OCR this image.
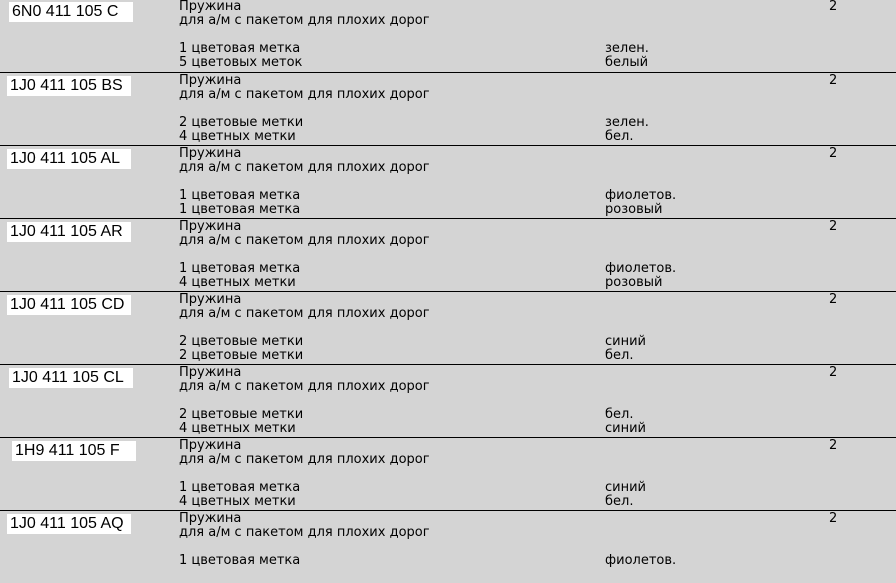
6N0 411 105 C	Пружина
для а/м с пакетом для плохих дорог
2
1 цветовая метка	зелен.
5 цветовых меток	белый
1J0 411 105 BS	Пружина
для а/м с пакетом для плохих дорог
2
2 цветовые метки	зелен.
4 цветных метки	бел.
1J0 411 105 AL	Пружина
для а/м с пакетом для плохих дорог
2
1 цветовая метка	фиолетов.
1 цветовая метка	розовый
1J0 411 105 AR	Пружина
для а/м с пакетом для плохих дорог
2
1 цветовая метка	фиолетов.
4 цветных метки	розовый
1J0 411 105 CD	Пружина
для а/м с пакетом для плохих дорог
2
2 цветовые метки	синий
2 цветовые метки	бел.
1J0 411 105 CL	Пружина
для а/м с пакетом для плохих дорог
2
2 цветовые метки	бел.
4 цветных метки	синий
1H9 411 105 F	Пружина
для а/м с пакетом для плохих дорог
2
1 цветовая метка	синий
4 цветных метки	бел.
1J0 411 105 AQ	Пружина
для а/м с пакетом для плохих дорог
2
1 цветовая метка	фиолетов.
